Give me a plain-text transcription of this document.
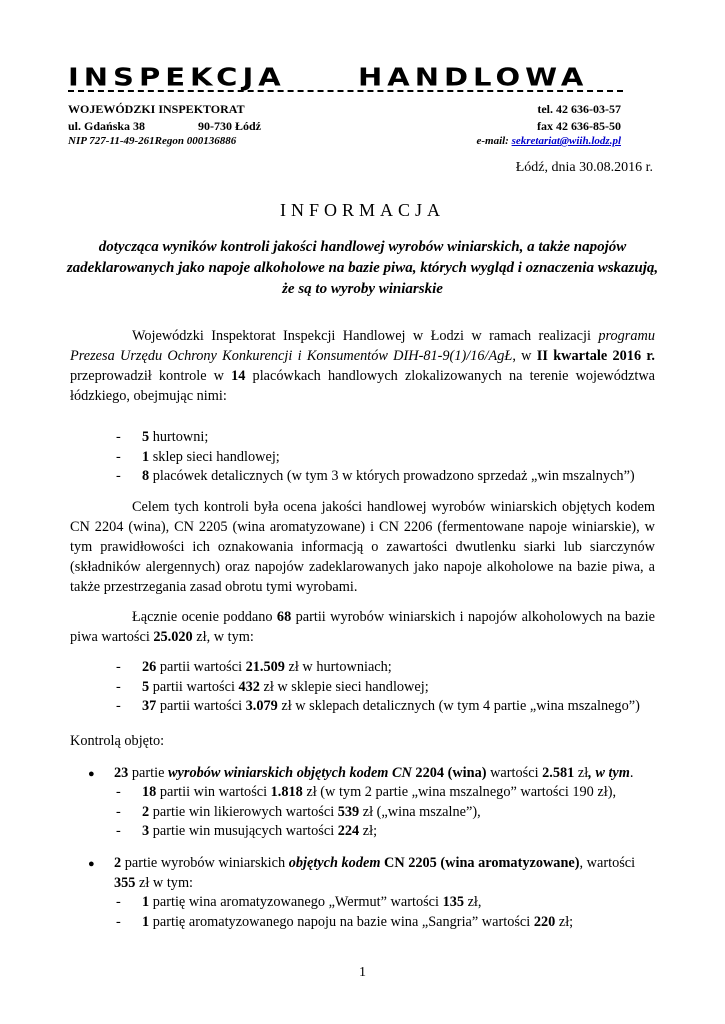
INSPEKCJA HANDLOWA
WOJEWÓDZKI INSPEKTORAT
ul. Gdańska 38	90-730 Łódź
NIP 727-11-49-261Regon 000136886
tel. 42 636-03-57
fax 42 636-85-50
e-mail: sekretariat@wiih.lodz.pl
Łódź, dnia 30.08.2016 r.
INFORMACJA
dotycząca wyników kontroli jakości handlowej wyrobów winiarskich, a także napojów zadeklarowanych jako napoje alkoholowe na bazie piwa, których wygląd i oznaczenia wskazują, że są to wyroby winiarskie
Wojewódzki Inspektorat Inspekcji Handlowej w Łodzi w ramach realizacji programu Prezesa Urzędu Ochrony Konkurencji i Konsumentów DIH-81-9(1)/16/AgŁ, w II kwartale 2016 r. przeprowadził kontrole w 14 placówkach handlowych zlokalizowanych na terenie województwa łódzkiego, obejmując nimi:
- 5 hurtowni;
- 1 sklep sieci handlowej;
- 8 placówek detalicznych (w tym 3 w których prowadzono sprzedaż „win mszalnych”)
Celem tych kontroli była ocena jakości handlowej wyrobów winiarskich objętych kodem CN 2204 (wina), CN 2205 (wina aromatyzowane) i CN 2206 (fermentowane napoje winiarskie), w tym prawidłowości ich oznakowania informacją o zawartości dwutlenku siarki lub siarczynów (składników alergennych) oraz napojów zadeklarowanych jako napoje alkoholowe na bazie piwa, a także przestrzegania zasad obrotu tymi wyrobami.
Łącznie ocenie poddano 68 partii wyrobów winiarskich i napojów alkoholowych na bazie piwa wartości 25.020 zł, w tym:
- 26 partii wartości 21.509 zł w hurtowniach;
- 5 partii wartości 432 zł w sklepie sieci handlowej;
- 37 partii wartości 3.079 zł w sklepach detalicznych (w tym 4 partie „wina mszalnego”)
Kontrolą objęto:
● 23 partie wyrobów winiarskich objętych kodem CN 2204 (wina) wartości 2.581 zł, w tym.
- 18 partii win wartości 1.818 zł (w tym 2 partie „wina mszalnego” wartości 190 zł),
- 2 partie win likierowych wartości 539 zł („wina mszalne”),
- 3 partie win musujących wartości 224 zł;
● 2 partie wyrobów winiarskich objętych kodem CN 2205 (wina aromatyzowane), wartości
355 zł w tym:
- 1 partię wina aromatyzowanego „Wermut” wartości 135 zł,
- 1 partię aromatyzowanego napoju na bazie wina „Sangria” wartości 220 zł;
1
